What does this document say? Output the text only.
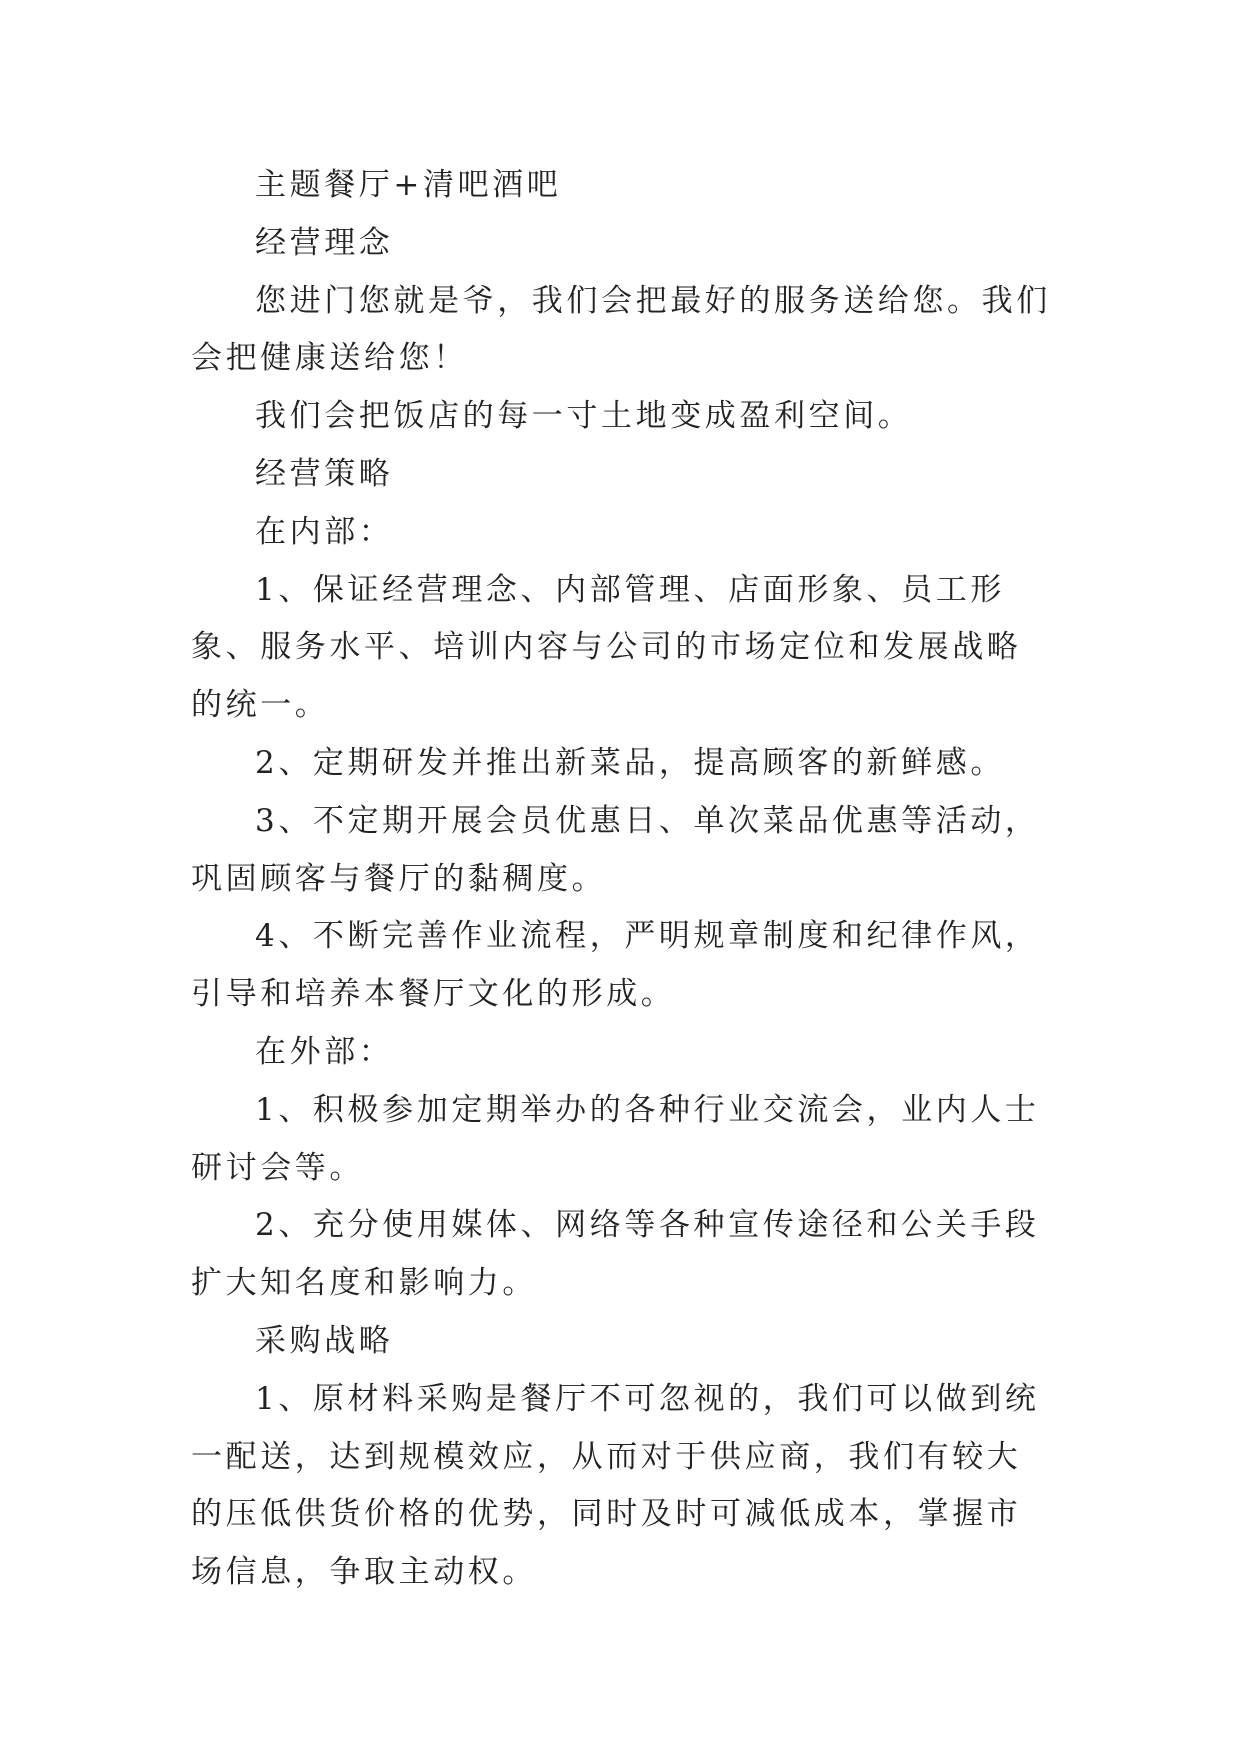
主题餐厅+清吧酒吧

经营理念

您进门您就是爷，我们会把最好的服务送给您。我们会把健康送给您！

我们会把饭店的每一寸土地变成盈利空间。

经营策略

在内部：

1、保证经营理念、内部管理、店面形象、员工形象、服务水平、培训内容与公司的市场定位和发展战略的统一。

2、定期研发并推出新菜品，提高顾客的新鲜感。

3、不定期开展会员优惠日、单次菜品优惠等活动，巩固顾客与餐厅的黏稠度。

4、不断完善作业流程，严明规章制度和纪律作风，引导和培养本餐厅文化的形成。

在外部：

1、积极参加定期举办的各种行业交流会，业内人士研讨会等。

2、充分使用媒体、网络等各种宣传途径和公关手段扩大知名度和影响力。

采购战略

1、原材料采购是餐厅不可忽视的，我们可以做到统一配送，达到规模效应，从而对于供应商，我们有较大的压低供货价格的优势，同时及时可减低成本，掌握市场信息，争取主动权。
